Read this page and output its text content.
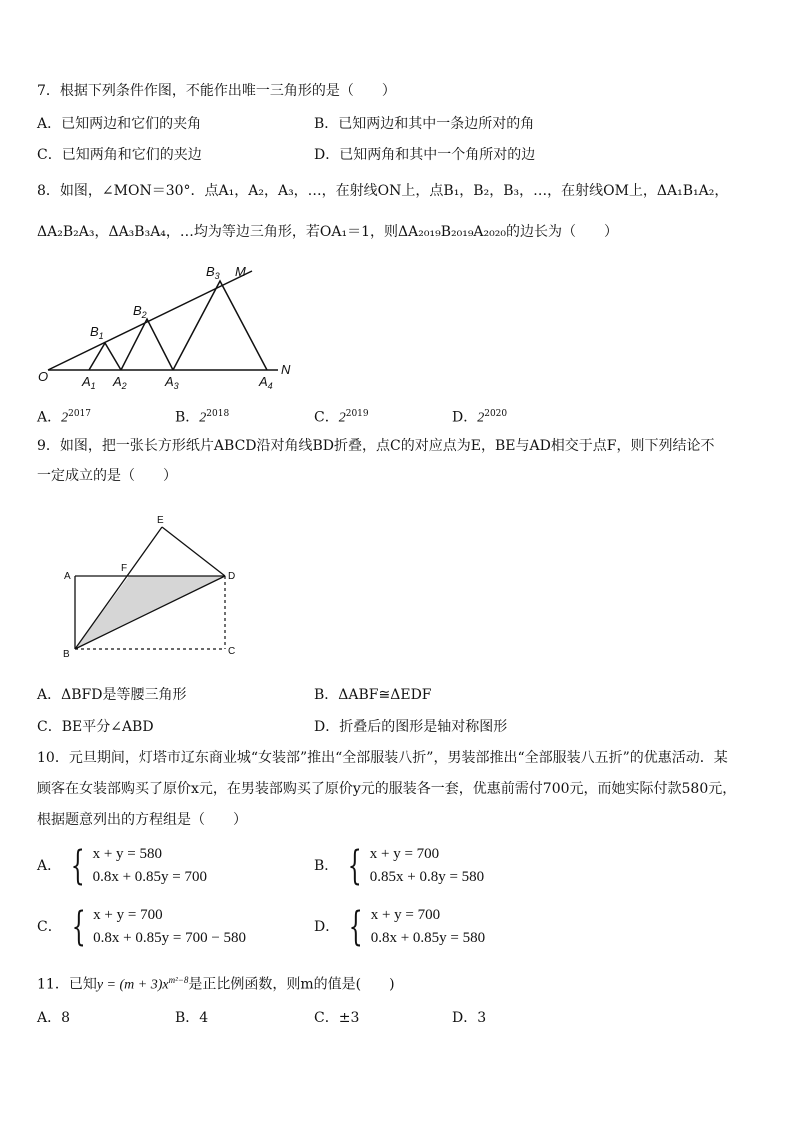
7．根据下列条件作图，不能作出唯一三角形的是（　　）
A．已知两边和它们的夹角	B．已知两边和其中一条边所对的角
C．已知两角和它们的夹边	D．已知两角和其中一个角所对的边
8．如图，∠MON＝30°．点A₁，A₂，A₃，…，在射线ON上，点B₁，B₂，B₃，…，在射线OM上，ΔA₁B₁A₂，
ΔA₂B₂A₃，ΔA₃B₃A₄，…均为等边三角形，若OA₁＝1，则ΔA₂₀₁₉B₂₀₁₉A₂₀₂₀的边长为（　　）
O	$A_1$ $A_2$	$A_3$	$A_4$
$B_1$
$B_2$
$B_3$ M
N
A．$2^{2017}$	B．$2^{2018}$	C．$2^{2019}$	D．$2^{2020}$
9．如图，把一张长方形纸片ABCD沿对角线BD折叠，点C的对应点为E，BE与AD相交于点F，则下列结论不
一定成立的是（　　）
A
B	C
D
E
F
A．ΔBFD是等腰三角形	B．ΔABF≅ΔEDF
C．BE平分∠ABD	D．折叠后的图形是轴对称图形
10．元旦期间，灯塔市辽东商业城“女装部”推出“全部服装八折”，男装部推出“全部服装八五折”的优惠活动．某
顾客在女装部购买了原价x元，在男装部购买了原价y元的服装各一套，优惠前需付700元，而她实际付款580元，
根据题意列出的方程组是（　　）
A． { x + y = 580
0.8x + 0.85y = 700
B． { x + y = 700
0.85x + 0.8y = 580
C． { x + y = 700
0.8x + 0.85y = 700 − 580
D． { x + y = 700
0.8x + 0.85y = 580
11．已知$y = (m + 3)x^{m^2-8}$是正比例函数，则m的值是(　　)
A．8	B．4	C．±3	D．3
